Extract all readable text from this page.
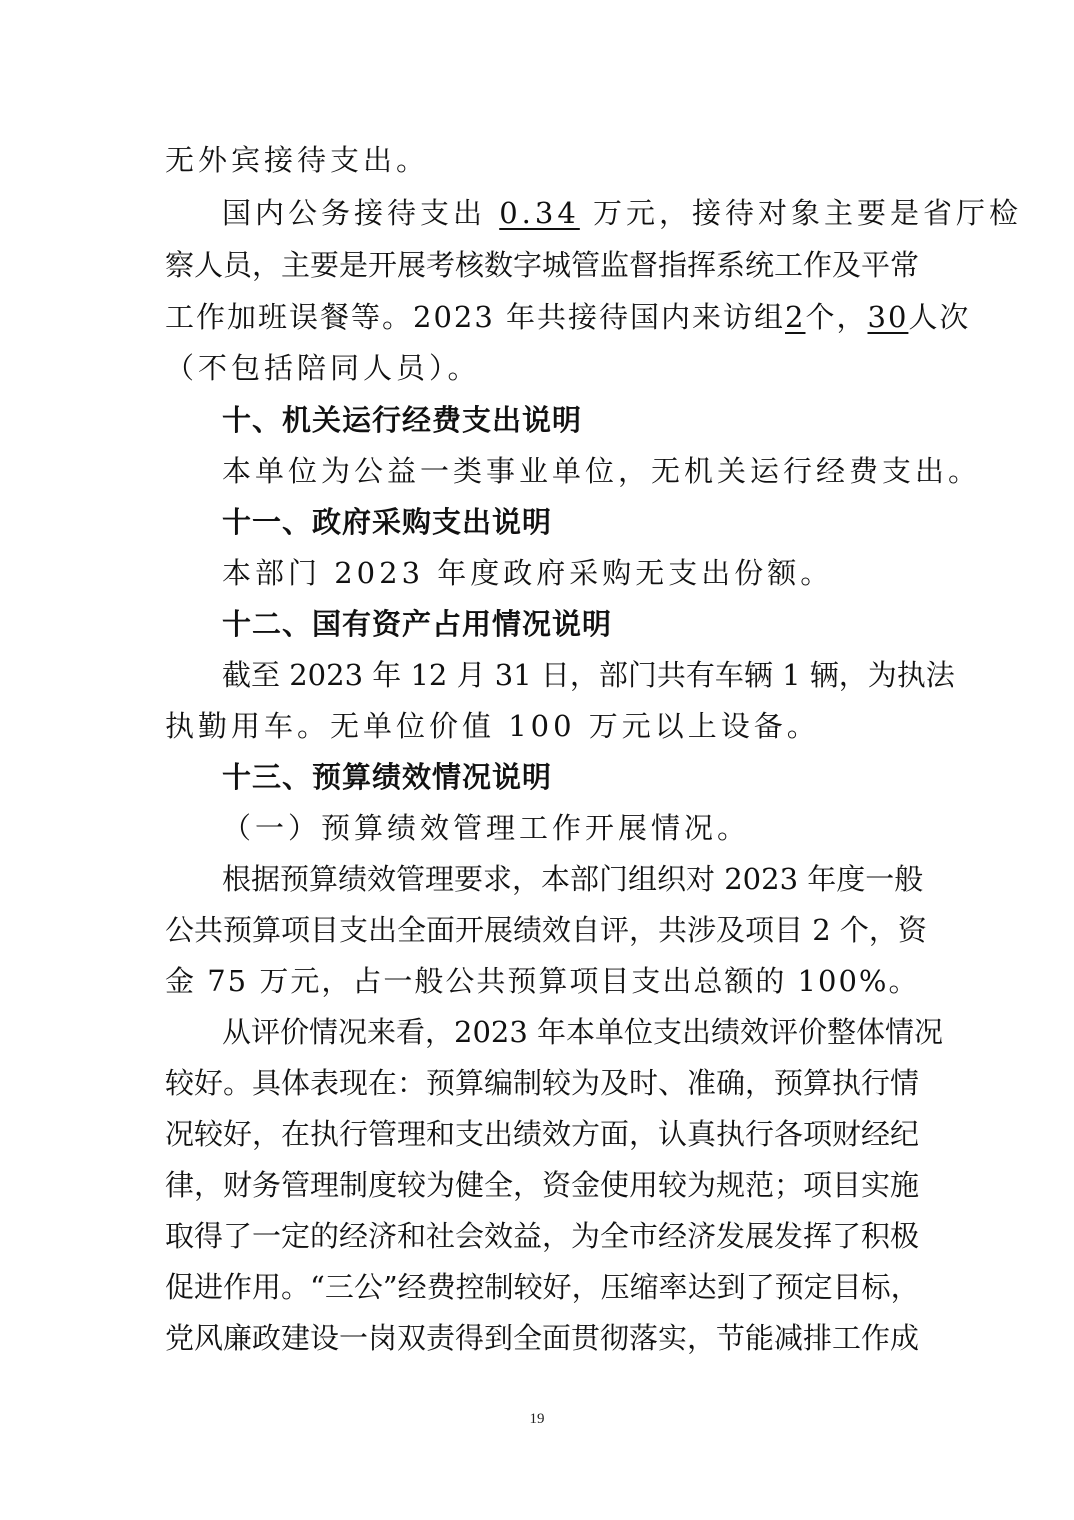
无外宾接待支出。
国内公务接待支出 0.34 万元，接待对象主要是省厅检
察人员，主要是开展考核数字城管监督指挥系统工作及平常
工作加班误餐等。2023 年共接待国内来访组2个，30人次
（不包括陪同人员）。
十、机关运行经费支出说明
本单位为公益一类事业单位，无机关运行经费支出。
十一、政府采购支出说明
本部门 2023 年度政府采购无支出份额。
十二、国有资产占用情况说明
截至 2023 年 12 月 31 日，部门共有车辆 1 辆，为执法
执勤用车。无单位价值 100 万元以上设备。
十三、预算绩效情况说明
（一）预算绩效管理工作开展情况。
根据预算绩效管理要求，本部门组织对 2023 年度一般
公共预算项目支出全面开展绩效自评，共涉及项目 2 个，资
金 75 万元，占一般公共预算项目支出总额的 100%。
从评价情况来看，2023 年本单位支出绩效评价整体情况
较好。具体表现在：预算编制较为及时、准确，预算执行情
况较好，在执行管理和支出绩效方面，认真执行各项财经纪
律，财务管理制度较为健全，资金使用较为规范；项目实施
取得了一定的经济和社会效益，为全市经济发展发挥了积极
促进作用。“三公”经费控制较好，压缩率达到了预定目标，
党风廉政建设一岗双责得到全面贯彻落实，节能减排工作成
19
